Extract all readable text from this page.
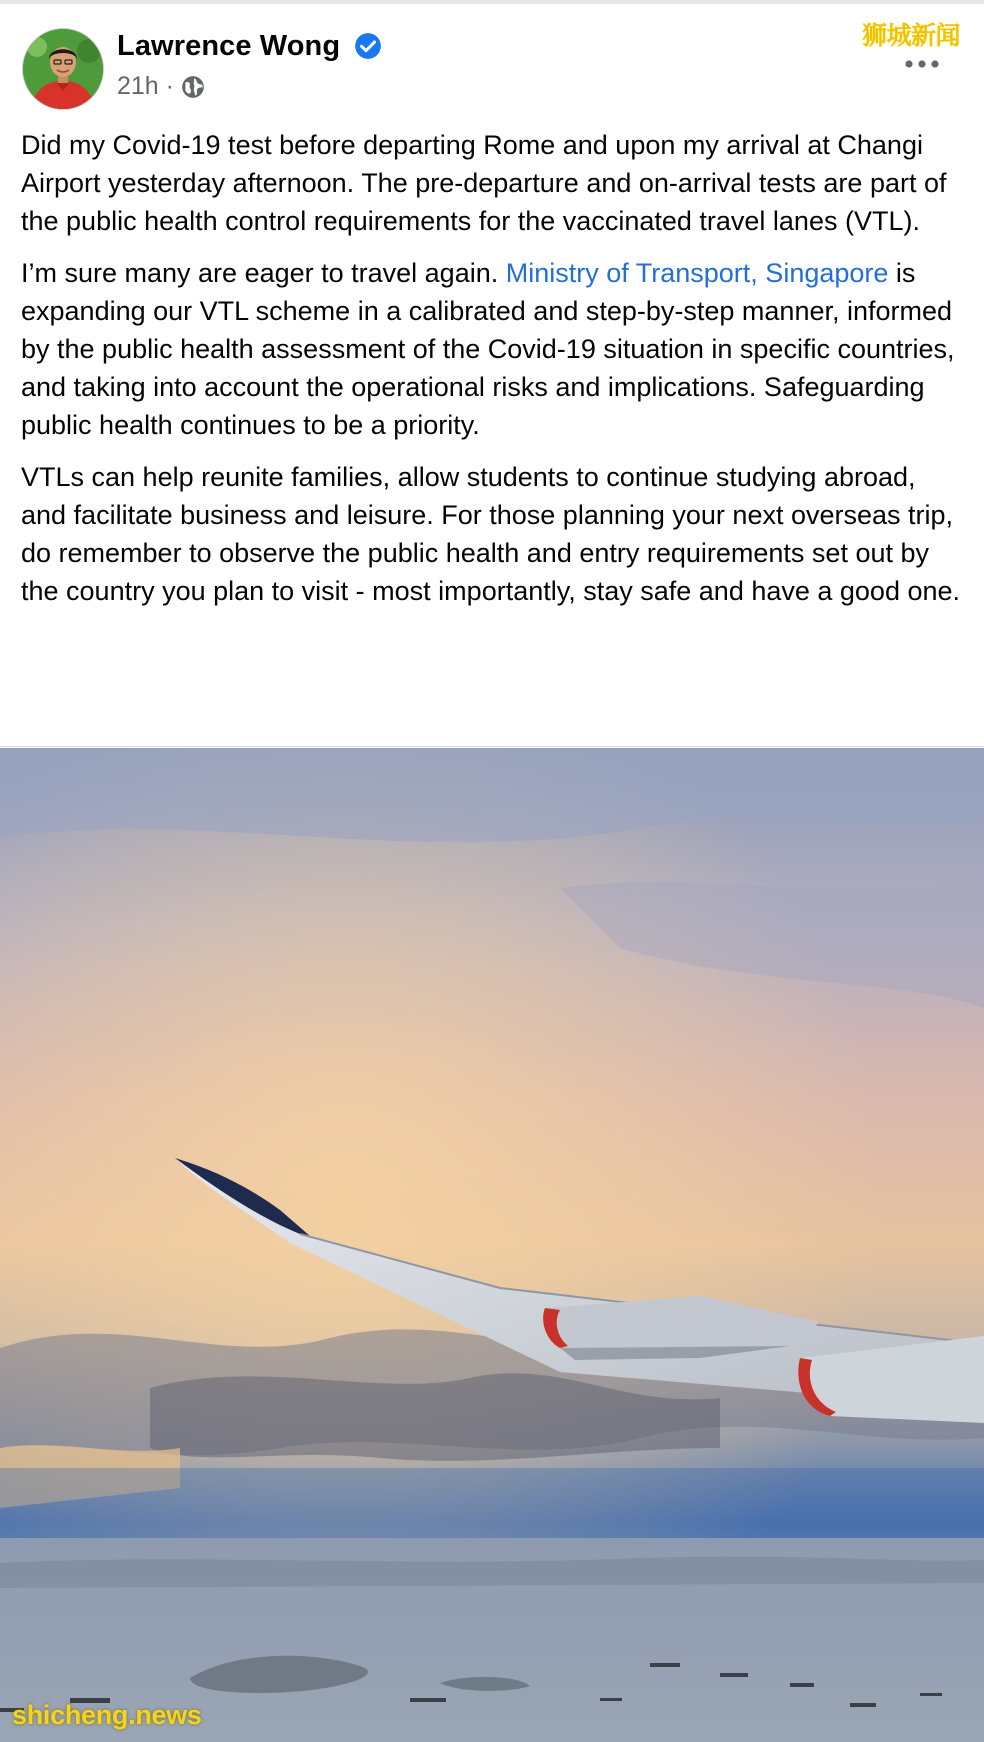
Lawrence Wong
21h ·
狮城新闻

Did my Covid-19 test before departing Rome and upon my arrival at Changi Airport yesterday afternoon. The pre-departure and on-arrival tests are part of the public health control requirements for the vaccinated travel lanes (VTL).

I’m sure many are eager to travel again. Ministry of Transport, Singapore is expanding our VTL scheme in a calibrated and step-by-step manner, informed by the public health assessment of the Covid-19 situation in specific countries, and taking into account the operational risks and implications. Safeguarding public health continues to be a priority.

VTLs can help reunite families, allow students to continue studying abroad, and facilitate business and leisure. For those planning your next overseas trip, do remember to observe the public health and entry requirements set out by the country you plan to visit - most importantly, stay safe and have a good one.

shicheng.news
